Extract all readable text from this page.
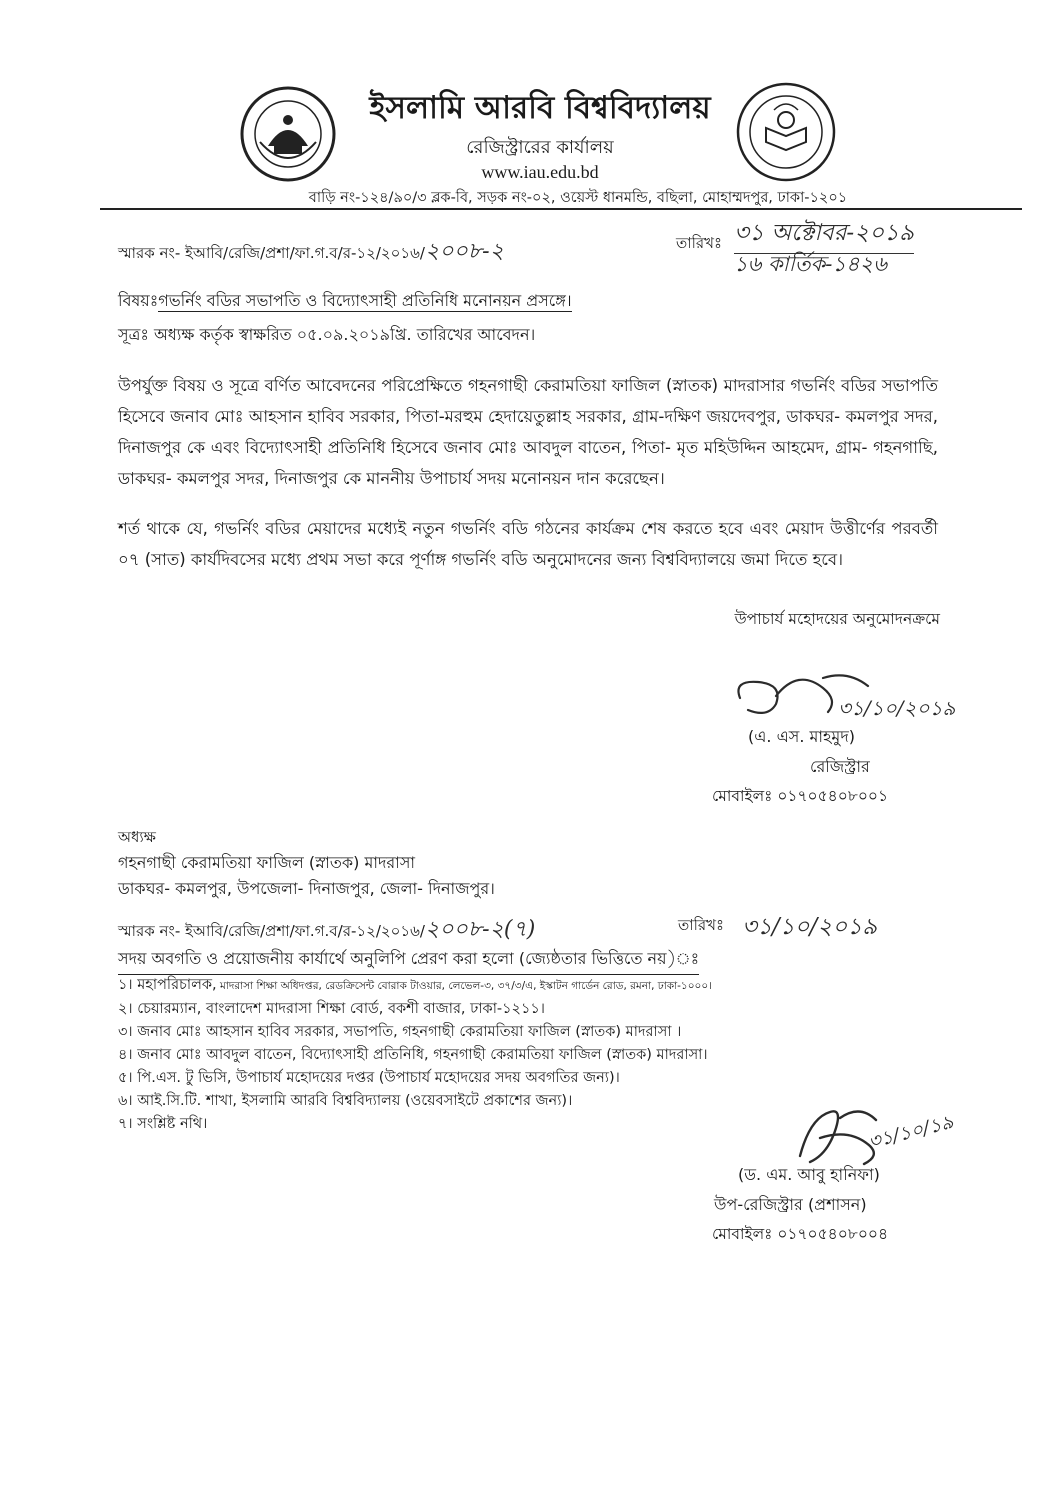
ইসলামি আরবি বিশ্ববিদ্যালয়
রেজিস্ট্রারের কার্যালয়
www.iau.edu.bd
বাড়ি নং-১২৪/৯০/৩ ব্লক-বি, সড়ক নং-০২, ওয়েস্ট ধানমন্ডি, বছিলা, মোহাম্মদপুর, ঢাকা-১২০১
স্মারক নং- ইআবি/রেজি/প্রশা/ফা.গ.ব/র-১২/২০১৬/২০০৮-২	তারিখঃ ৩১ অক্টোবর-২০১৯
১৬ কার্তিক-১৪২৬
বিষয়ঃগভর্নিং বডির সভাপতি ও বিদ্যোৎসাহী প্রতিনিধি মনোনয়ন প্রসঙ্গে।
সূত্রঃ অধ্যক্ষ কর্তৃক স্বাক্ষরিত ০৫.০৯.২০১৯খ্রি. তারিখের আবেদন।
উপর্যুক্ত বিষয় ও সূত্রে বর্ণিত আবেদনের পরিপ্রেক্ষিতে গহনগাছী কেরামতিয়া ফাজিল (স্নাতক) মাদরাসার গভর্নিং বডির সভাপতি হিসেবে জনাব মোঃ আহসান হাবিব সরকার, পিতা-মরহুম হেদায়েতুল্লাহ সরকার, গ্রাম-দক্ষিণ জয়দেবপুর, ডাকঘর- কমলপুর সদর, দিনাজপুর কে এবং বিদ্যোৎসাহী প্রতিনিধি হিসেবে জনাব মোঃ আবদুল বাতেন, পিতা- মৃত মহিউদ্দিন আহমেদ, গ্রাম- গহনগাছি, ডাকঘর- কমলপুর সদর, দিনাজপুর কে মাননীয় উপাচার্য সদয় মনোনয়ন দান করেছেন।
শর্ত থাকে যে, গভর্নিং বডির মেয়াদের মধ্যেই নতুন গভর্নিং বডি গঠনের কার্যক্রম শেষ করতে হবে এবং মেয়াদ উত্তীর্ণের পরবর্তী ০৭ (সাত) কার্যদিবসের মধ্যে প্রথম সভা করে পূর্ণাঙ্গ গভর্নিং বডি অনুমোদনের জন্য বিশ্ববিদ্যালয়ে জমা দিতে হবে।
উপাচার্য মহোদয়ের অনুমোদনক্রমে
৩১/১০/২০১৯
(এ. এস. মাহমুদ)
রেজিস্ট্রার
মোবাইলঃ ০১৭০৫৪০৮০০১
অধ্যক্ষ
গহনগাছী কেরামতিয়া ফাজিল (স্নাতক) মাদরাসা
ডাকঘর- কমলপুর, উপজেলা- দিনাজপুর, জেলা- দিনাজপুর।
স্মারক নং- ইআবি/রেজি/প্রশা/ফা.গ.ব/র-১২/২০১৬/২০০৮-২(৭)	তারিখঃ ৩১/১০/২০১৯
সদয় অবগতি ও প্রয়োজনীয় কার্যার্থে অনুলিপি প্রেরণ করা হলো (জ্যেষ্ঠতার ভিত্তিতে নয়)ঃ
১। মহাপরিচালক, মাদরাসা শিক্ষা অধিদপ্তর, রেডক্রিসেন্ট বোরাক টাওয়ার, লেভেল-৩, ৩৭/৩/এ, ইস্কাটন গার্ডেন রোড, রমনা, ঢাকা-১০০০।
২। চেয়ারম্যান, বাংলাদেশ মাদরাসা শিক্ষা বোর্ড, বকশী বাজার, ঢাকা-১২১১।
৩। জনাব মোঃ আহসান হাবিব সরকার, সভাপতি, গহনগাছী কেরামতিয়া ফাজিল (স্নাতক) মাদরাসা ।
৪। জনাব মোঃ আবদুল বাতেন, বিদ্যোৎসাহী প্রতিনিধি, গহনগাছী কেরামতিয়া ফাজিল (স্নাতক) মাদরাসা।
৫। পি.এস. টু ভিসি, উপাচার্য মহোদয়ের দপ্তর (উপাচার্য মহোদয়ের সদয় অবগতির জন্য)।
৬। আই.সি.টি. শাখা, ইসলামি আরবি বিশ্ববিদ্যালয় (ওয়েবসাইটে প্রকাশের জন্য)।
৭। সংশ্লিষ্ট নথি।	৩১/১০/১৯
(ড. এম. আবু হানিফা)
উপ-রেজিস্ট্রার (প্রশাসন)
মোবাইলঃ ০১৭০৫৪০৮০০৪
